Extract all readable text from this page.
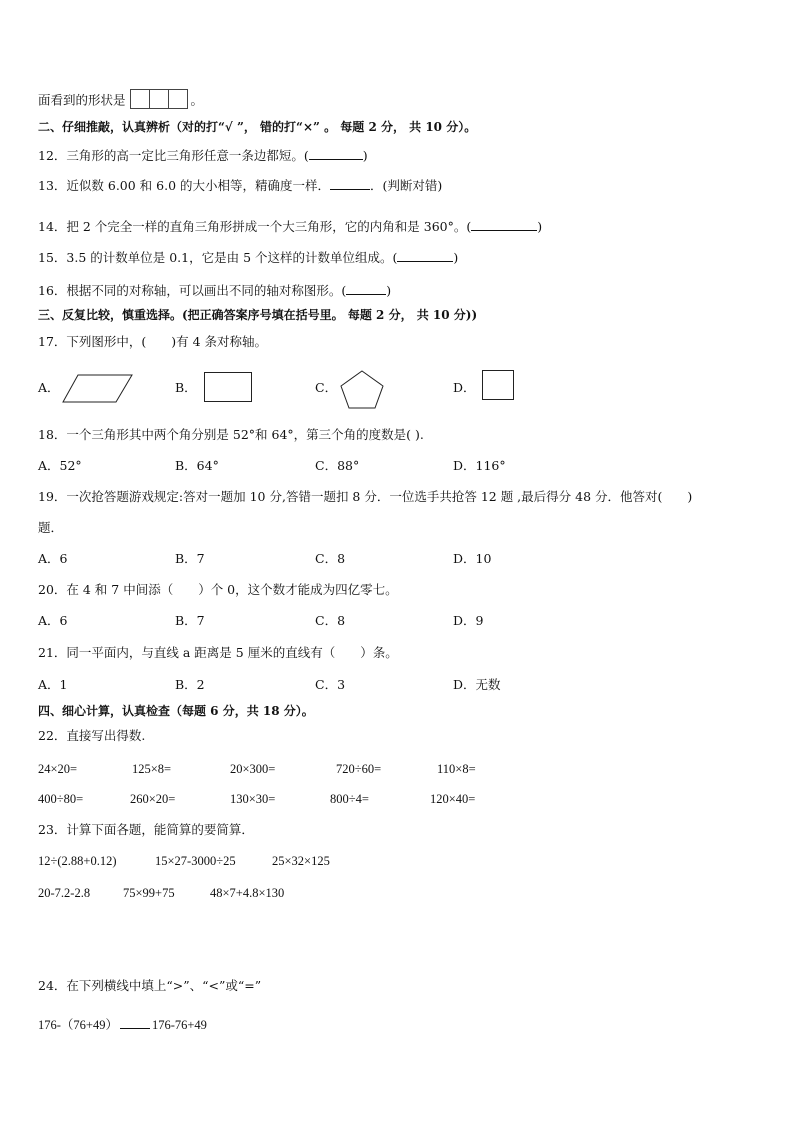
面看到的形状是	。
二、仔细推敲，认真辨析（对的打“√ ”， 错的打“×” 。 每题 2 分， 共 10 分）。
12．三角形的高一定比三角形任意一条边都短。(	)
13．近似数 6.00 和 6.0 的大小相等，精确度一样．	．(判断对错)
14．把 2 个完全一样的直角三角形拼成一个大三角形，它的内角和是 360°。(	)
15．3.5 的计数单位是 0.1，它是由 5 个这样的计数单位组成。(	)
16．根据不同的对称轴，可以画出不同的轴对称图形。(	)
三、反复比较，慎重选择。(把正确答案序号填在括号里。 每题 2 分， 共 10 分))
17．下列图形中，(　　)有 4 条对称轴。
A．	B．	C．	D．
18．一个三角形其中两个角分别是 52°和 64°，第三个角的度数是( ).
A．52°	B．64°	C．88°	D．116°
19．一次抢答题游戏规定:答对一题加 10 分,答错一题扣 8 分．一位选手共抢答 12 题 ,最后得分 48 分．他答对(　　)
题．
A．6	B．7	C．8	D．10
20．在 4 和 7 中间添（　　）个 0，这个数才能成为四亿零七。
A．6	B．7	C．8	D．9
21．同一平面内，与直线 a 距离是 5 厘米的直线有（　　）条。
A．1	B．2	C．3	D．无数
四、细心计算，认真检查（每题 6 分，共 18 分）。
22．直接写出得数.
24×20=	125×8=	20×300=	720÷60=	110×8=
400÷80=	260×20=	130×30=	800÷4=	120×40=
23．计算下面各题，能简算的要简算．
12÷(2.88+0.12)	15×27-3000÷25	25×32×125
20-7.2-2.8	75×99+75	48×7+4.8×130
24．在下列横线中填上“>”、“<”或“=”
176-（76+49）	176-76+49
